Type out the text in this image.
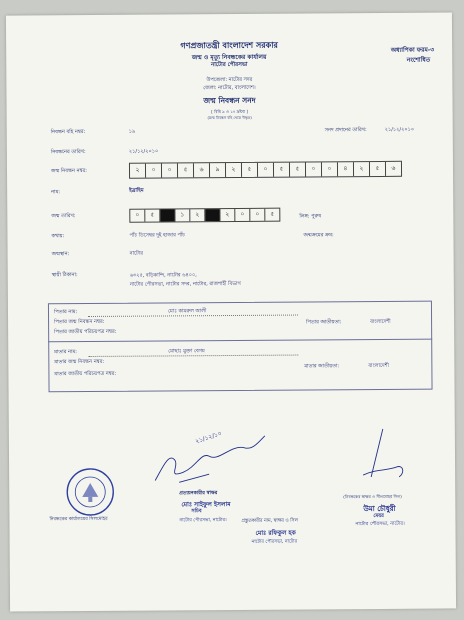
গণপ্রজাতন্ত্রী বাংলাদেশ সরকার
জন্ম ও মৃত্যু নিবন্ধকের কার্যালয়
নাটোর পৌরসভা
উপজেলা: নাটোর সদর
জেলা: নাটোর, বাংলাদেশ।
অধ্যাপিকা ফরম-৩
নংশোধিত
জন্ম নিবন্ধন সনদ
[ বিধি ৯ ও ১০ দ্রষ্টব্য ]
(জন্ম নিবন্ধন বহি থেকে উদ্ধৃত)
নিবন্ধন বহি নম্বর:	১৯	সনদ প্রদানের তারিখ:	২১/১২/২০১০
নিবন্ধনের তারিখ:	২১/১২/২০১০
জন্ম নিবন্ধন নম্বর:	২	০	০	৫	৬	৯	২	৫	০	৫	৫	০	০	৪	২	৫	৬
নাম:	ইব্রাহিম
জন্ম তারিখ:	০	৫	১	২	২	০	০	৫	লিঙ্গ: পুরুষ
কথায়:	পাঁচ ডিসেম্বর দুই হাজার পাঁচ	জন্মক্রমের ক্রম:
জন্মস্থান:	নাটোর
স্থায়ী ঠিকানা:	৬৩২৫, বড়িকান্দি, নাটোর ৬৪০০,
নাটোর পৌরসভা, নাটোর সদর, নাটোর, রাজশাহী বিভাগ
পিতার নাম:	মোঃ কামরুল আলী
পিতার জন্ম নিবন্ধন নম্বর:
পিতার জাতীয় পরিচয়পত্র নম্বর:
পিতার জাতীয়তা:	বাংলাদেশী
মাতার নাম:	মোছাঃ মুক্তা বেগম
মাতার জন্ম নিবন্ধন নম্বর:
মাতার জাতীয় পরিচয়পত্র নম্বর:
মাতার জাতীয়তা:	বাংলাদেশী
২১/১২/১০
নিবন্ধকের কার্যালয়ের সিলমোহর
প্রত্যয়নকারীর স্বাক্ষর
মোঃ সাইফুল ইসলাম
সচিব
নাটোর পৌরসভা, নাটোর।	প্রস্তুতকারীর নাম, স্বাক্ষর ও সিল
মোঃ রফিকুল হক
নাটোর পৌরসভা, নাটোর
(নিবন্ধকের স্বাক্ষর ও সীলমোহর সিল)
উমা চৌধুরী
মেয়র
নাটোর পৌরসভা, নাটোর।
